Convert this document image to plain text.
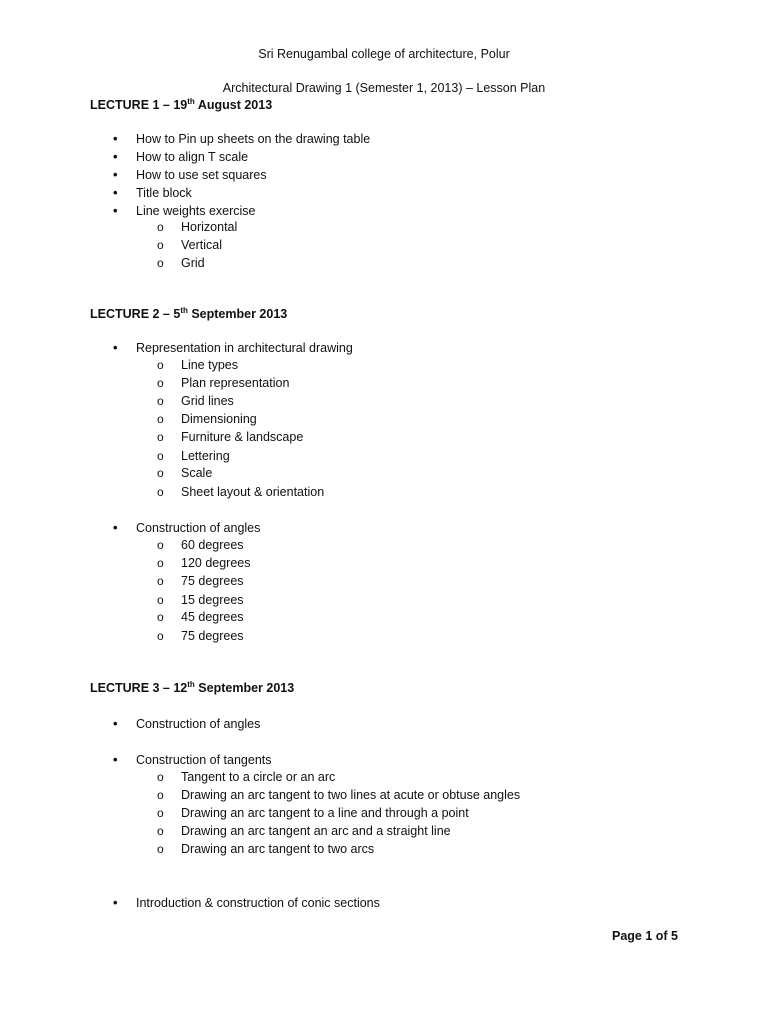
Sri Renugambal college of architecture, Polur
Architectural Drawing 1 (Semester 1, 2013) – Lesson Plan
LECTURE 1 – 19th August 2013
• How to Pin up sheets on the drawing table
• How to align T scale
• How to use set squares
• Title block
• Line weights exercise
o Horizontal
o Vertical
o Grid
LECTURE 2 – 5th September 2013
• Representation in architectural drawing
o Line types
o Plan representation
o Grid lines
o Dimensioning
o Furniture & landscape
o Lettering
o Scale
o Sheet layout & orientation
• Construction of angles
o 60 degrees
o 120 degrees
o 75 degrees
o 15 degrees
o 45 degrees
o 75 degrees
LECTURE 3 – 12th September 2013
• Construction of angles
• Construction of tangents
o Tangent to a circle or an arc
o Drawing an arc tangent to two lines at acute or obtuse angles
o Drawing an arc tangent to a line and through a point
o Drawing an arc tangent an arc and a straight line
o Drawing an arc tangent to two arcs
• Introduction & construction of conic sections
Page 1 of 5
